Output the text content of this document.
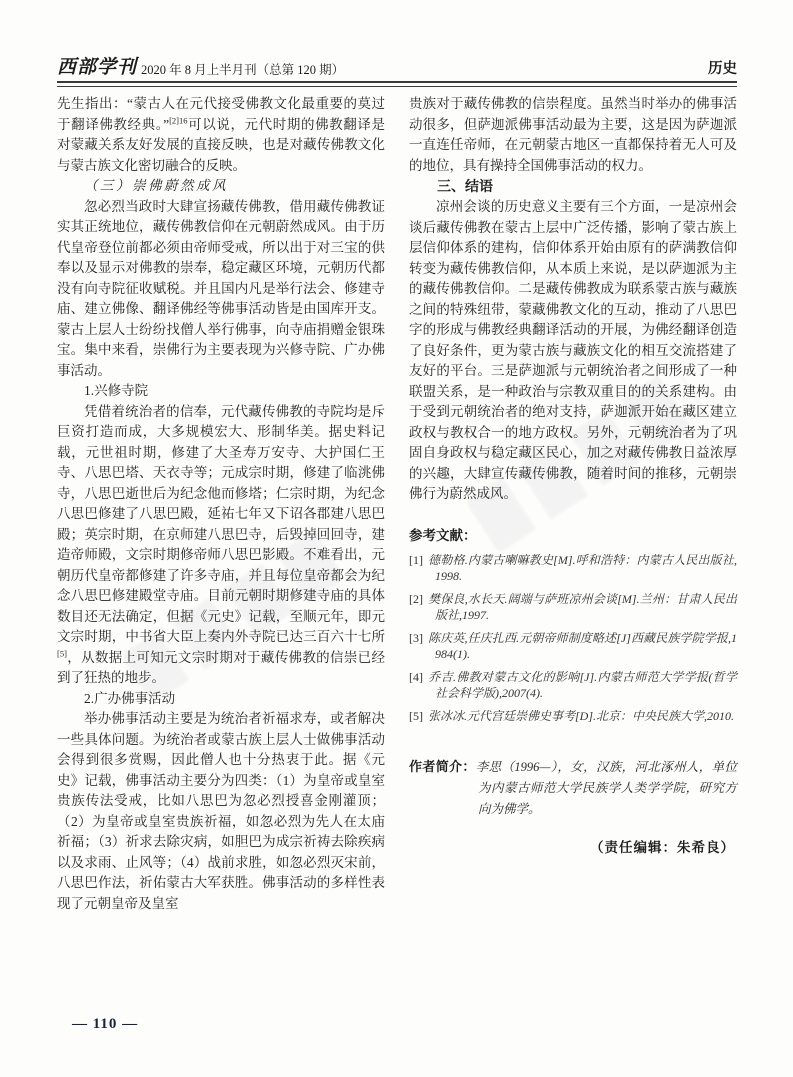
西部学刊 2020 年 8 月上半月刊（总第 120 期）	历史

先生指出：“蒙古人在元代接受佛教文化最重要的莫过于翻译佛教经典。”$^{[2]16}$可以说，元代时期的佛教翻译是对蒙藏关系友好发展的直接反映，也是对藏传佛教文化与蒙古族文化密切融合的反映。

（三）崇佛蔚然成风

忽必烈当政时大肆宣扬藏传佛教，借用藏传佛教证实其正统地位，藏传佛教信仰在元朝蔚然成风。由于历代皇帝登位前都必须由帝师受戒，所以出于对三宝的供奉以及显示对佛教的崇奉，稳定藏区环境，元朝历代都没有向寺院征收赋税。并且国内凡是举行法会、修建寺庙、建立佛像、翻译佛经等佛事活动皆是由国库开支。蒙古上层人士纷纷找僧人举行佛事，向寺庙捐赠金银珠宝。集中来看，崇佛行为主要表现为兴修寺院、广办佛事活动。

1.兴修寺院

凭借着统治者的信奉，元代藏传佛教的寺院均是斥巨资打造而成，大多规模宏大、形制华美。据史料记载，元世祖时期，修建了大圣寿万安寺、大护国仁王寺、八思巴塔、天衣寺等；元成宗时期，修建了临洮佛寺，八思巴逝世后为纪念他而修塔；仁宗时期，为纪念八思巴修建了八思巴殿，延祐七年又下诏各郡建八思巴殿；英宗时期，在京师建八思巴寺，后毁掉回回寺，建造帝师殿，文宗时期修帝师八思巴影殿。不难看出，元朝历代皇帝都修建了许多寺庙，并且每位皇帝都会为纪念八思巴修建殿堂寺庙。目前元朝时期修建寺庙的具体数目还无法确定，但据《元史》记载，至顺元年，即元文宗时期，中书省大臣上奏内外寺院已达三百六十七所[5]，从数据上可知元文宗时期对于藏传佛教的信崇已经到了狂热的地步。

2.广办佛事活动

举办佛事活动主要是为统治者祈福求寿，或者解决一些具体问题。为统治者或蒙古族上层人士做佛事活动会得到很多赏赐，因此僧人也十分热衷于此。据《元史》记载，佛事活动主要分为四类：（1）为皇帝或皇室贵族传法受戒，比如八思巴为忽必烈授喜金刚灌顶；（2）为皇帝或皇室贵族祈福，如忽必烈为先人在太庙祈福；（3）祈求去除灾病，如胆巴为成宗祈祷去除疾病以及求雨、止风等；（4）战前求胜，如忽必烈灭宋前，八思巴作法，祈佑蒙古大军获胜。佛事活动的多样性表现了元朝皇帝及皇室

贵族对于藏传佛教的信崇程度。虽然当时举办的佛事活动很多，但萨迦派佛事活动最为主要，这是因为萨迦派一直连任帝师，在元朝蒙古地区一直都保持着无人可及的地位，具有操持全国佛事活动的权力。

三、结语

凉州会谈的历史意义主要有三个方面，一是凉州会谈后藏传佛教在蒙古上层中广泛传播，影响了蒙古族上层信仰体系的建构，信仰体系开始由原有的萨满教信仰转变为藏传佛教信仰，从本质上来说，是以萨迦派为主的藏传佛教信仰。二是藏传佛教成为联系蒙古族与藏族之间的特殊纽带，蒙藏佛教文化的互动，推动了八思巴字的形成与佛教经典翻译活动的开展，为佛经翻译创造了良好条件，更为蒙古族与藏族文化的相互交流搭建了友好的平台。三是萨迦派与元朝统治者之间形成了一种联盟关系，是一种政治与宗教双重目的的关系建构。由于受到元朝统治者的绝对支持，萨迦派开始在藏区建立政权与教权合一的地方政权。另外，元朝统治者为了巩固自身政权与稳定藏区民心，加之对藏传佛教日益浓厚的兴趣，大肆宣传藏传佛教，随着时间的推移，元朝崇佛行为蔚然成风。

参考文献：

[1] 德勒格.内蒙古喇嘛教史[M].呼和浩特：内蒙古人民出版社,1998.
[2] 樊保良,水长天.阔端与萨班凉州会谈[M].兰州：甘肃人民出版社,1997.
[3] 陈庆英,任庆扎西.元朝帝师制度略述[J]西藏民族学院学报,1984(1).
[4] 乔吉.佛教对蒙古文化的影响[J].内蒙古师范大学学报(哲学社会科学版),2007(4).
[5] 张冰冰.元代宫廷崇佛史事考[D].北京：中央民族大学,2010.
作者简介：李思（1996—），女，汉族，河北涿州人，单位为内蒙古师范大学民族学人类学学院，研究方向为佛学。
（责任编辑：朱希良）
— 110 —
